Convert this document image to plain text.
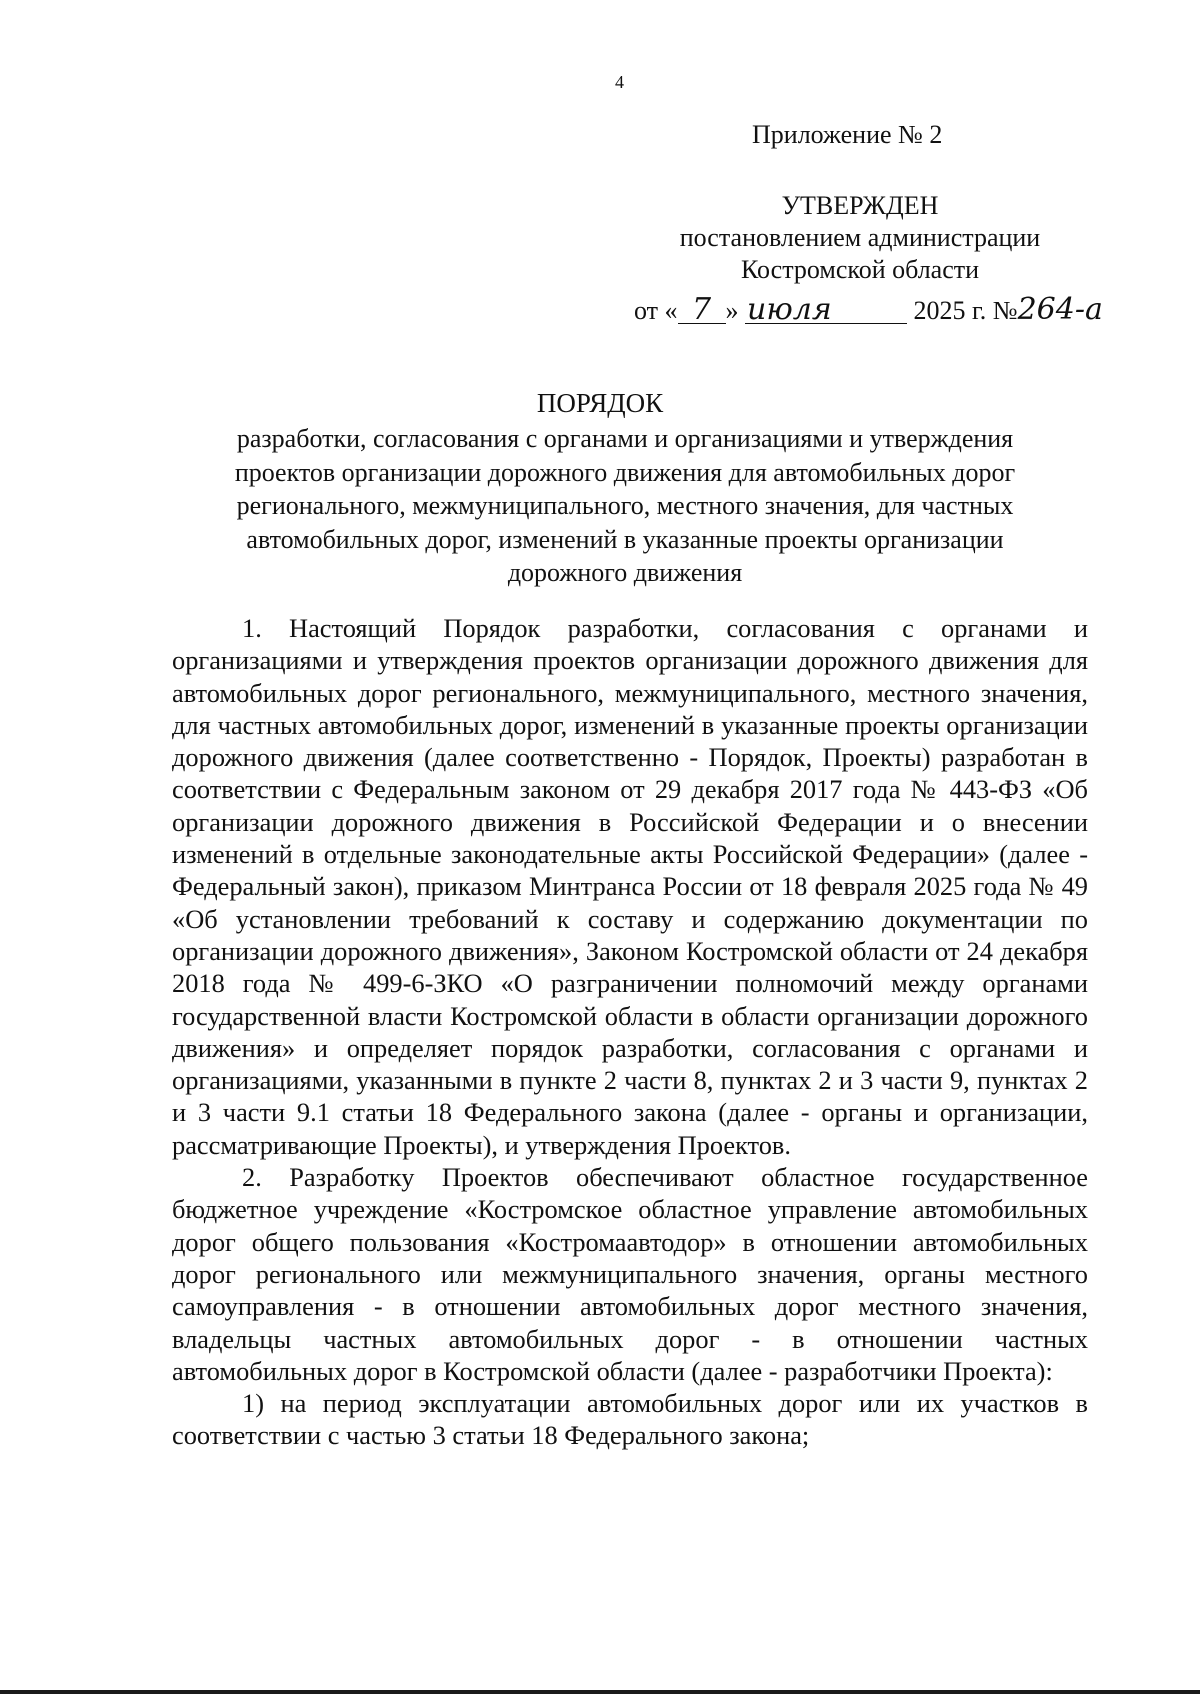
4
Приложение № 2
УТВЕРЖДЕН
постановлением администрации
Костромской области
от « 7 » июля	2025 г. №264-а
ПОРЯДОК
разработки, согласования с органами и организациями и утверждения проектов организации дорожного движения для автомобильных дорог регионального, межмуниципального, местного значения, для частных автомобильных дорог, изменений в указанные проекты организации дорожного движения

1. Настоящий Порядок разработки, согласования с органами и организациями и утверждения проектов организации дорожного движения для автомобильных дорог регионального, межмуниципального, местного значения, для частных автомобильных дорог, изменений в указанные проекты организации дорожного движения (далее соответственно - Порядок, Проекты) разработан в соответствии с Федеральным законом от 29 декабря 2017 года № 443-ФЗ «Об организации дорожного движения в Российской Федерации и о внесении изменений в отдельные законодательные акты Российской Федерации» (далее - Федеральный закон), приказом Минтранса России от 18 февраля 2025 года № 49 «Об установлении требований к составу и содержанию документации по организации дорожного движения», Законом Костромской области от 24 декабря 2018 года № 499-6-ЗКО «О разграничении полномочий между органами государственной власти Костромской области в области организации дорожного движения» и определяет порядок разработки, согласования с органами и организациями, указанными в пункте 2 части 8, пунктах 2 и 3 части 9, пунктах 2 и 3 части 9.1 статьи 18 Федерального закона (далее - органы и организации, рассматривающие Проекты), и утверждения Проектов.

2. Разработку Проектов обеспечивают областное государственное бюджетное учреждение «Костромское областное управление автомобильных дорог общего пользования «Костромаавтодор» в отношении автомобильных дорог регионального или межмуниципального значения, органы местного самоуправления - в отношении автомобильных дорог местного значения, владельцы частных автомобильных дорог - в отношении частных автомобильных дорог в Костромской области (далее - разработчики Проекта):

1) на период эксплуатации автомобильных дорог или их участков в соответствии с частью 3 статьи 18 Федерального закона;
